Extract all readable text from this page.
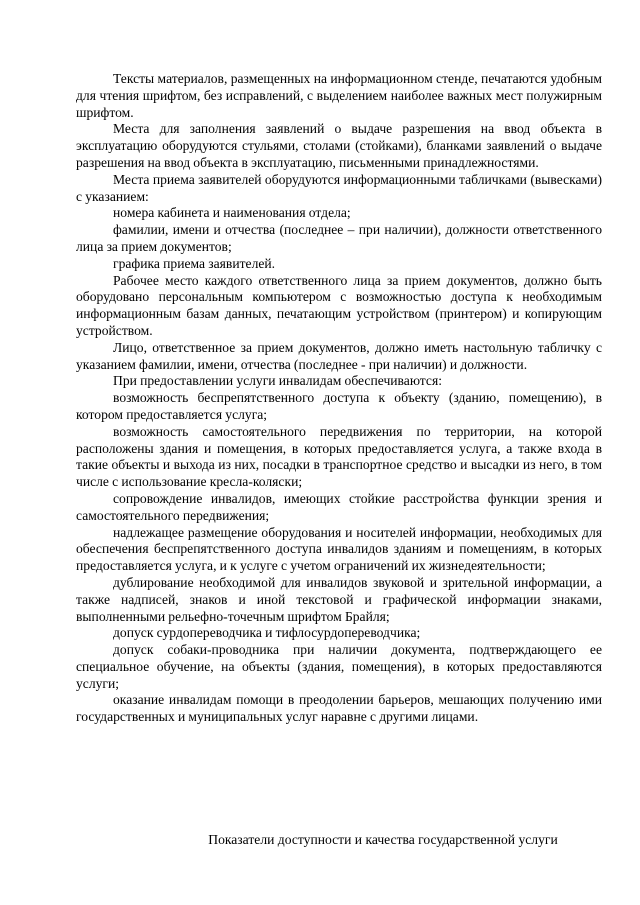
Тексты материалов, размещенных на информационном стенде, печатаются удобным для чтения шрифтом, без исправлений, с выделением наиболее важных мест полужирным шрифтом.

Места для заполнения заявлений о выдаче разрешения на ввод объекта в эксплуатацию оборудуются стульями, столами (стойками), бланками заявлений о выдаче разрешения на ввод объекта в эксплуатацию, письменными принадлежностями.

Места приема заявителей оборудуются информационными табличками (вывесками) с указанием:

номера кабинета и наименования отдела;

фамилии, имени и отчества (последнее – при наличии), должности ответственного лица за прием документов;

графика приема заявителей.

Рабочее место каждого ответственного лица за прием документов, должно быть оборудовано персональным компьютером с возможностью доступа к необходимым информационным базам данных, печатающим устройством (принтером) и копирующим устройством.

Лицо, ответственное за прием документов, должно иметь настольную табличку с указанием фамилии, имени, отчества (последнее - при наличии) и должности.

При предоставлении услуги инвалидам обеспечиваются:

возможность беспрепятственного доступа к объекту (зданию, помещению), в котором предоставляется услуга;

возможность самостоятельного передвижения по территории, на которой расположены здания и помещения, в которых предоставляется услуга, а также входа в такие объекты и выхода из них, посадки в транспортное средство и высадки из него, в том числе с использование кресла-коляски;

сопровождение инвалидов, имеющих стойкие расстройства функции зрения и самостоятельного передвижения;

надлежащее размещение оборудования и носителей информации, необходимых для обеспечения беспрепятственного доступа инвалидов зданиям и помещениям, в которых предоставляется услуга, и к услуге с учетом ограничений их жизнедеятельности;

дублирование необходимой для инвалидов звуковой и зрительной информации, а также надписей, знаков и иной текстовой и графической информации знаками, выполненными рельефно-точечным шрифтом Брайля;

допуск сурдопереводчика и тифлосурдопереводчика;

допуск собаки-проводника при наличии документа, подтверждающего ее специальное обучение, на объекты (здания, помещения), в которых предоставляются услуги;

оказание инвалидам помощи в преодолении барьеров, мешающих получению ими государственных и муниципальных услуг наравне с другими лицами.

Показатели доступности и качества государственной услуги
